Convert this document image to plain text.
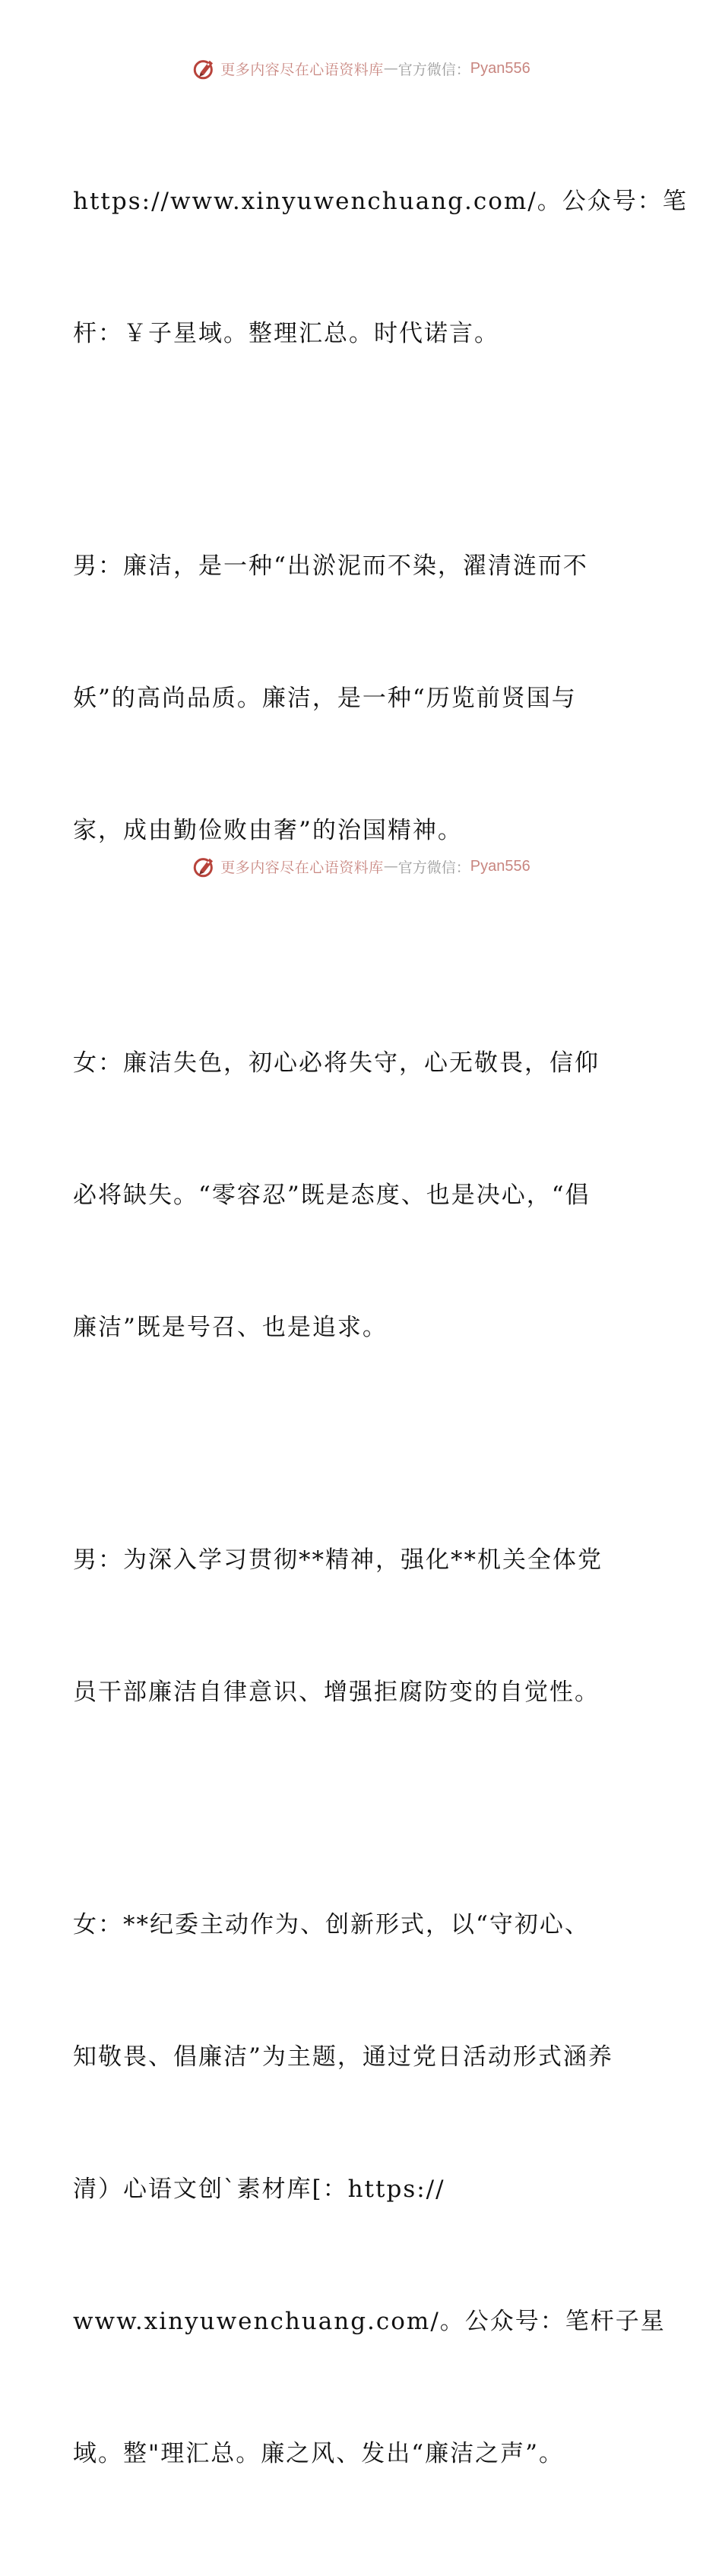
更多内容尽在心语资料库 — 官方微信： Pyan556

https://www.xinyuwenchuang.com/。公众号：笔

杆：￥子星域。整理汇总。时代诺言。

男：廉洁，是一种“出淤泥而不染，濯清涟而不

妖”的高尚品质。廉洁，是一种“历览前贤国与

家，成由勤俭败由奢”的治国精神。

女：廉洁失色，初心必将失守，心无敬畏，信仰

必将缺失。“零容忍”既是态度、也是决心，“倡

廉洁”既是号召、也是追求。

男：为深入学习贯彻**精神，强化**机关全体党

员干部廉洁自律意识、增强拒腐防变的自觉性。

女：**纪委主动作为、创新形式，以“守初心、

知敬畏、倡廉洁”为主题，通过党日活动形式涵养

清）心语文创`素材库[：https://

www.xinyuwenchuang.com/。公众号：笔杆子星

域。整"理汇总。廉之风、发出“廉洁之声”。

更多内容尽在心语资料库 — 官方微信： Pyan556
